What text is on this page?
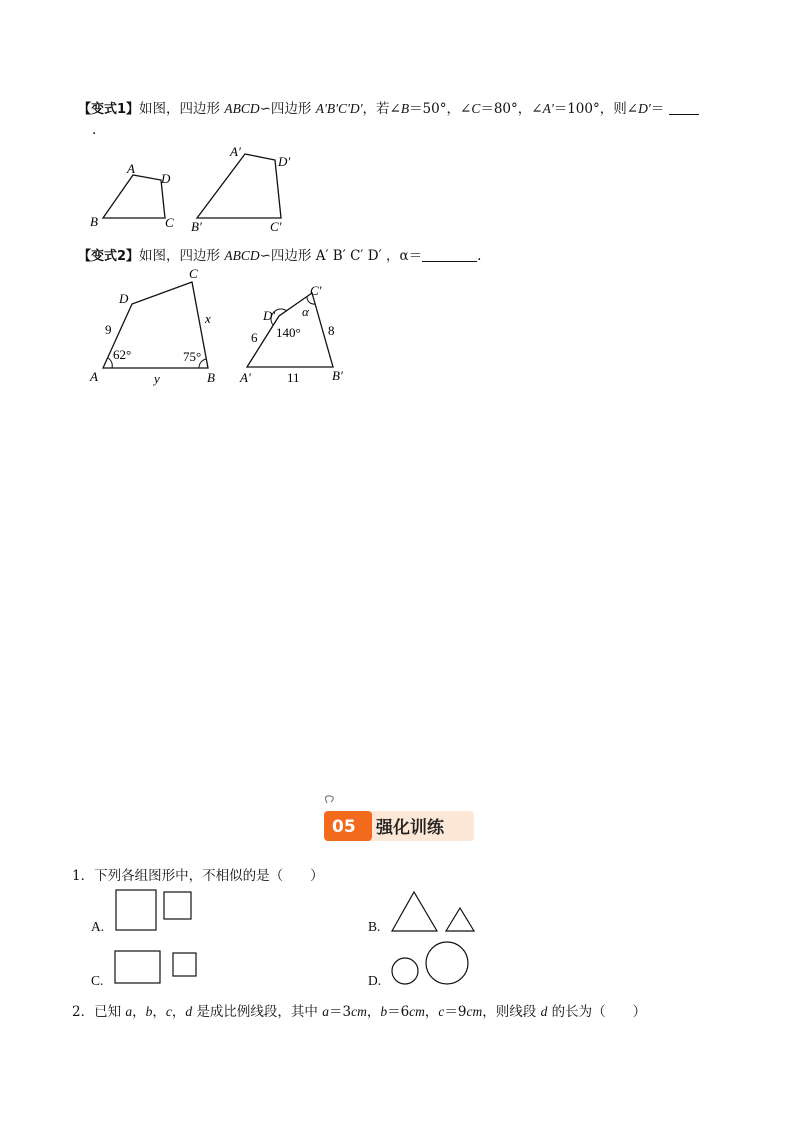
【变式1】如图，四边形 ABCD∽四边形 A'B'C'D'，若∠B＝50°，∠C＝80°，∠A'＝100°，则∠D'＝
.
A
D
B	C
A′
D′
B′	C′
【变式2】如图，四边形 ABCD∽四边形 A′ B′ C′ D′ ，α＝	.
A	B
C
D
9
x
y
62°	75°
A′	B′
C′
D′
6	8
11
140°
α
05 强化训练
1．下列各组图形中，不相似的是（　　）
A.	B.
C.	D.
2．已知 a，b，c，d 是成比例线段，其中 a＝3cm，b＝6cm，c＝9cm，则线段 d 的长为（　　）
